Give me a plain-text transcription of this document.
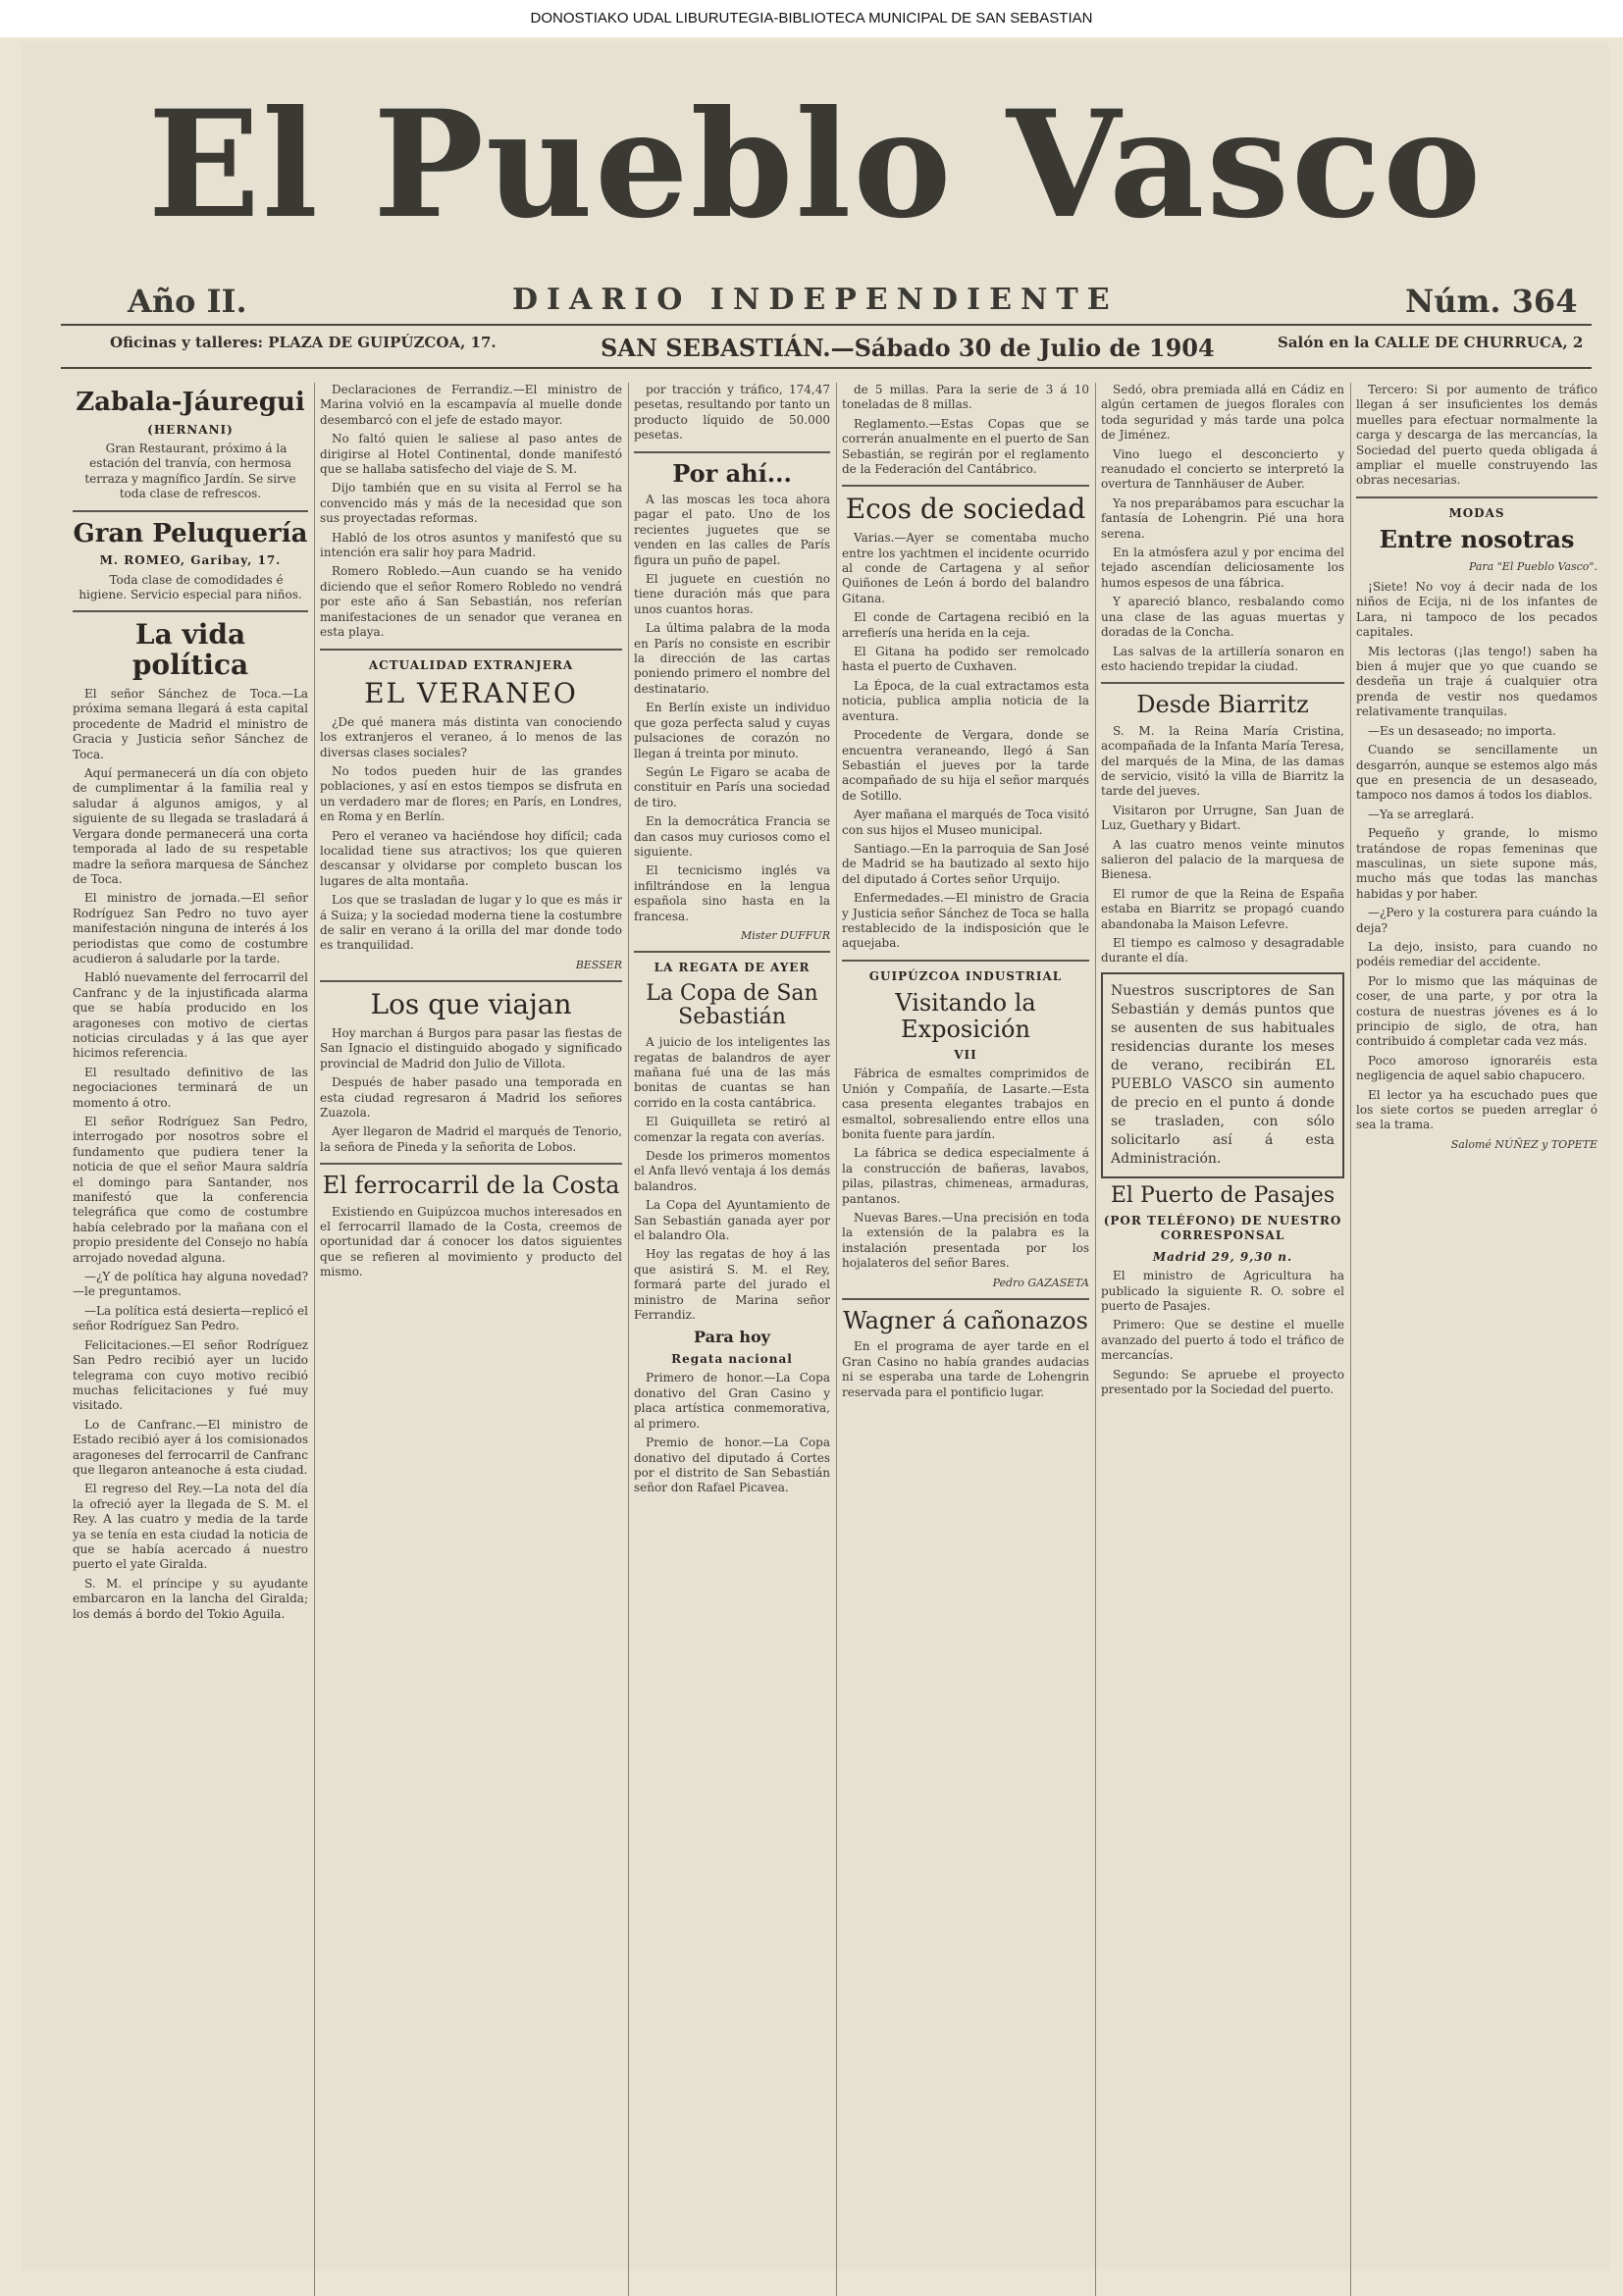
DONOSTIAKO UDAL LIBURUTEGIA-BIBLIOTECA MUNICIPAL DE SAN SEBASTIAN
El Pueblo Vasco
Año II.	DIARIO INDEPENDIENTE	Núm. 364
Oficinas y talleres: PLAZA DE GUIPÚZCOA, 17.	SAN SEBASTIÁN.—Sábado 30 de Julio de 1904	Salón en la CALLE DE CHURRUCA, 2
Zabala-Jáuregui
(HERNANI)

Gran Restaurant, próximo á la estación del tranvía, con hermosa terraza y magnífico Jardín. Se sirve toda clase de refrescos.

Gran Peluquería
M. ROMEO, Garibay, 17.

Toda clase de comodidades é higiene. Servicio especial para niños.

La vida política

El señor Sánchez de Toca.—La próxima semana llegará á esta capital procedente de Madrid el ministro de Gracia y Justicia señor Sánchez de Toca.

Aquí permanecerá un día con objeto de cumplimentar á la familia real y saludar á algunos amigos, y al siguiente de su llegada se trasladará á Vergara donde permanecerá una corta temporada al lado de su respetable madre la señora marquesa de Sánchez de Toca.

El ministro de jornada.—El señor Rodríguez San Pedro no tuvo ayer manifestación ninguna de interés á los periodistas que como de costumbre acudieron á saludarle por la tarde.

Habló nuevamente del ferrocarril del Canfranc y de la injustificada alarma que se había producido en los aragoneses con motivo de ciertas noticias circuladas y á las que ayer hicimos referencia.

El resultado definitivo de las negociaciones terminará de un momento á otro.

El señor Rodríguez San Pedro, interrogado por nosotros sobre el fundamento que pudiera tener la noticia de que el señor Maura saldría el domingo para Santander, nos manifestó que la conferencia telegráfica que como de costumbre había celebrado por la mañana con el propio presidente del Consejo no había arrojado novedad alguna.

—¿Y de política hay alguna novedad?—le preguntamos.

—La política está desierta—replicó el señor Rodríguez San Pedro.

Felicitaciones.—El señor Rodríguez San Pedro recibió ayer un lucido telegrama con cuyo motivo recibió muchas felicitaciones y fué muy visitado.

Lo de Canfranc.—El ministro de Estado recibió ayer á los comisionados aragoneses del ferrocarril de Canfranc que llegaron anteanoche á esta ciudad.

El regreso del Rey.—La nota del día la ofreció ayer la llegada de S. M. el Rey. A las cuatro y media de la tarde ya se tenía en esta ciudad la noticia de que se había acercado á nuestro puerto el yate Giralda.

S. M. el príncipe y su ayudante embarcaron en la lancha del Giralda; los demás á bordo del Tokio Aguila.

Declaraciones de Ferrandiz.—El ministro de Marina volvió en la escampavía al muelle donde desembarcó con el jefe de estado mayor.

No faltó quien le saliese al paso antes de dirigirse al Hotel Continental, donde manifestó que se hallaba satisfecho del viaje de S. M.

Dijo también que en su visita al Ferrol se ha convencido más y más de la necesidad que son sus proyectadas reformas.

Habló de los otros asuntos y manifestó que su intención era salir hoy para Madrid.

Romero Robledo.—Aun cuando se ha venido diciendo que el señor Romero Robledo no vendrá por este año á San Sebastián, nos referían manifestaciones de un senador que veranea en esta playa.

ACTUALIDAD EXTRANJERA
EL VERANEO

¿De qué manera más distinta van conociendo los extranjeros el veraneo, á lo menos de las diversas clases sociales?

No todos pueden huir de las grandes poblaciones, y así en estos tiempos se disfruta en un verdadero mar de flores; en París, en Londres, en Roma y en Berlín.

Pero el veraneo va haciéndose hoy difícil; cada localidad tiene sus atractivos; los que quieren descansar y olvidarse por completo buscan los lugares de alta montaña.

Los que se trasladan de lugar y lo que es más ir á Suiza; y la sociedad moderna tiene la costumbre de salir en verano á la orilla del mar donde todo es tranquilidad.

BESSER
Los que viajan

Hoy marchan á Burgos para pasar las fiestas de San Ignacio el distinguido abogado y significado provincial de Madrid don Julio de Villota.

Después de haber pasado una temporada en esta ciudad regresaron á Madrid los señores Zuazola.

Ayer llegaron de Madrid el marqués de Tenorio, la señora de Pineda y la señorita de Lobos.

El ferrocarril de la Costa

Existiendo en Guipúzcoa muchos interesados en el ferrocarril llamado de la Costa, creemos de oportunidad dar á conocer los datos siguientes que se refieren al movimiento y producto del mismo.

por tracción y tráfico, 174,47 pesetas, resultando por tanto un producto líquido de 50.000 pesetas.

Por ahí...

A las moscas les toca ahora pagar el pato. Uno de los recientes juguetes que se venden en las calles de París figura un puño de papel.

El juguete en cuestión no tiene duración más que para unos cuantos horas.

La última palabra de la moda en París no consiste en escribir la dirección de las cartas poniendo primero el nombre del destinatario.

En Berlín existe un individuo que goza perfecta salud y cuyas pulsaciones de corazón no llegan á treinta por minuto.

Según Le Figaro se acaba de constituir en París una sociedad de tiro.

En la democrática Francia se dan casos muy curiosos como el siguiente.

El tecnicismo inglés va infiltrándose en la lengua española sino hasta en la francesa.

Mister DUFFUR
LA REGATA DE AYER
La Copa de San Sebastián

A juicio de los inteligentes las regatas de balandros de ayer mañana fué una de las más bonitas de cuantas se han corrido en la costa cantábrica.

El Guiquilleta se retiró al comenzar la regata con averías.

Desde los primeros momentos el Anfa llevó ventaja á los demás balandros.

La Copa del Ayuntamiento de San Sebastián ganada ayer por el balandro Ola.

Hoy las regatas de hoy á las que asistirá S. M. el Rey, formará parte del jurado el ministro de Marina señor Ferrandiz.

Para hoy
Regata nacional

Primero de honor.—La Copa donativo del Gran Casino y placa artística conmemorativa, al primero.

Premio de honor.—La Copa donativo del diputado á Cortes por el distrito de San Sebastián señor don Rafael Picavea.

de 5 millas. Para la serie de 3 á 10 toneladas de 8 millas.

Reglamento.—Estas Copas que se correrán anualmente en el puerto de San Sebastián, se regirán por el reglamento de la Federación del Cantábrico.

Ecos de sociedad

Varias.—Ayer se comentaba mucho entre los yachtmen el incidente ocurrido al conde de Cartagena y al señor Quiñones de León á bordo del balandro Gitana.

El conde de Cartagena recibió en la arrefierís una herida en la ceja.

El Gitana ha podido ser remolcado hasta el puerto de Cuxhaven.

La Época, de la cual extractamos esta noticia, publica amplia noticia de la aventura.

Procedente de Vergara, donde se encuentra veraneando, llegó á San Sebastián el jueves por la tarde acompañado de su hija el señor marqués de Sotillo.

Ayer mañana el marqués de Toca visitó con sus hijos el Museo municipal.

Santiago.—En la parroquia de San José de Madrid se ha bautizado al sexto hijo del diputado á Cortes señor Urquijo.

Enfermedades.—El ministro de Gracia y Justicia señor Sánchez de Toca se halla restablecido de la indisposición que le aquejaba.

GUIPÚZCOA INDUSTRIAL
Visitando la Exposición
VII

Fábrica de esmaltes comprimidos de Unión y Compañía, de Lasarte.—Esta casa presenta elegantes trabajos en esmaltol, sobresaliendo entre ellos una bonita fuente para jardín.

La fábrica se dedica especialmente á la construcción de bañeras, lavabos, pilas, pilastras, chimeneas, armaduras, pantanos.

Nuevas Bares.—Una precisión en toda la extensión de la palabra es la instalación presentada por los hojalateros del señor Bares.

Pedro GAZASETA
Wagner á cañonazos

En el programa de ayer tarde en el Gran Casino no había grandes audacias ni se esperaba una tarde de Lohengrin reservada para el pontificio lugar.

Sedó, obra premiada allá en Cádiz en algún certamen de juegos florales con toda seguridad y más tarde una polca de Jiménez.

Vino luego el desconcierto y reanudado el concierto se interpretó la overtura de Tannhäuser de Auber.

Ya nos preparábamos para escuchar la fantasía de Lohengrin. Pié una hora serena.

En la atmósfera azul y por encima del tejado ascendían deliciosamente los humos espesos de una fábrica.

Y apareció blanco, resbalando como una clase de las aguas muertas y doradas de la Concha.

Las salvas de la artillería sonaron en esto haciendo trepidar la ciudad.

Desde Biarritz

S. M. la Reina María Cristina, acompañada de la Infanta María Teresa, del marqués de la Mina, de las damas de servicio, visitó la villa de Biarritz la tarde del jueves.

Visitaron por Urrugne, San Juan de Luz, Guethary y Bidart.

A las cuatro menos veinte minutos salieron del palacio de la marquesa de Bienesa.

El rumor de que la Reina de España estaba en Biarritz se propagó cuando abandonaba la Maison Lefevre.

El tiempo es calmoso y desagradable durante el día.

Nuestros suscriptores de San Sebastián y demás puntos que se ausenten de sus habituales residencias durante los meses de verano, recibirán EL PUEBLO VASCO sin aumento de precio en el punto á donde se trasladen, con sólo solicitarlo así á esta Administración.
El Puerto de Pasajes
(POR TELÉFONO) DE NUESTRO CORRESPONSAL
Madrid 29, 9,30 n.

El ministro de Agricultura ha publicado la siguiente R. O. sobre el puerto de Pasajes.

Primero: Que se destine el muelle avanzado del puerto á todo el tráfico de mercancías.

Segundo: Se apruebe el proyecto presentado por la Sociedad del puerto.

Tercero: Si por aumento de tráfico llegan á ser insuficientes los demás muelles para efectuar normalmente la carga y descarga de las mercancías, la Sociedad del puerto queda obligada á ampliar el muelle construyendo las obras necesarias.

MODAS
Entre nosotras
Para "El Pueblo Vasco".

¡Siete! No voy á decir nada de los niños de Ecija, ni de los infantes de Lara, ni tampoco de los pecados capitales.

Mis lectoras (¡las tengo!) saben ha bien á mujer que yo que cuando se desdeña un traje á cualquier otra prenda de vestir nos quedamos relativamente tranquilas.

—Es un desaseado; no importa.

Cuando se sencillamente un desgarrón, aunque se estemos algo más que en presencia de un desaseado, tampoco nos damos á todos los diablos.

—Ya se arreglará.

Pequeño y grande, lo mismo tratándose de ropas femeninas que masculinas, un siete supone más, mucho más que todas las manchas habidas y por haber.

—¿Pero y la costurera para cuándo la deja?

La dejo, insisto, para cuando no podéis remediar del accidente.

Por lo mismo que las máquinas de coser, de una parte, y por otra la costura de nuestras jóvenes es á lo principio de siglo, de otra, han contribuido á completar cada vez más.

Poco amoroso ignoraréis esta negligencia de aquel sabio chapucero.

El lector ya ha escuchado pues que los siete cortos se pueden arreglar ó sea la trama.

Salomé NÚÑEZ y TOPETE
